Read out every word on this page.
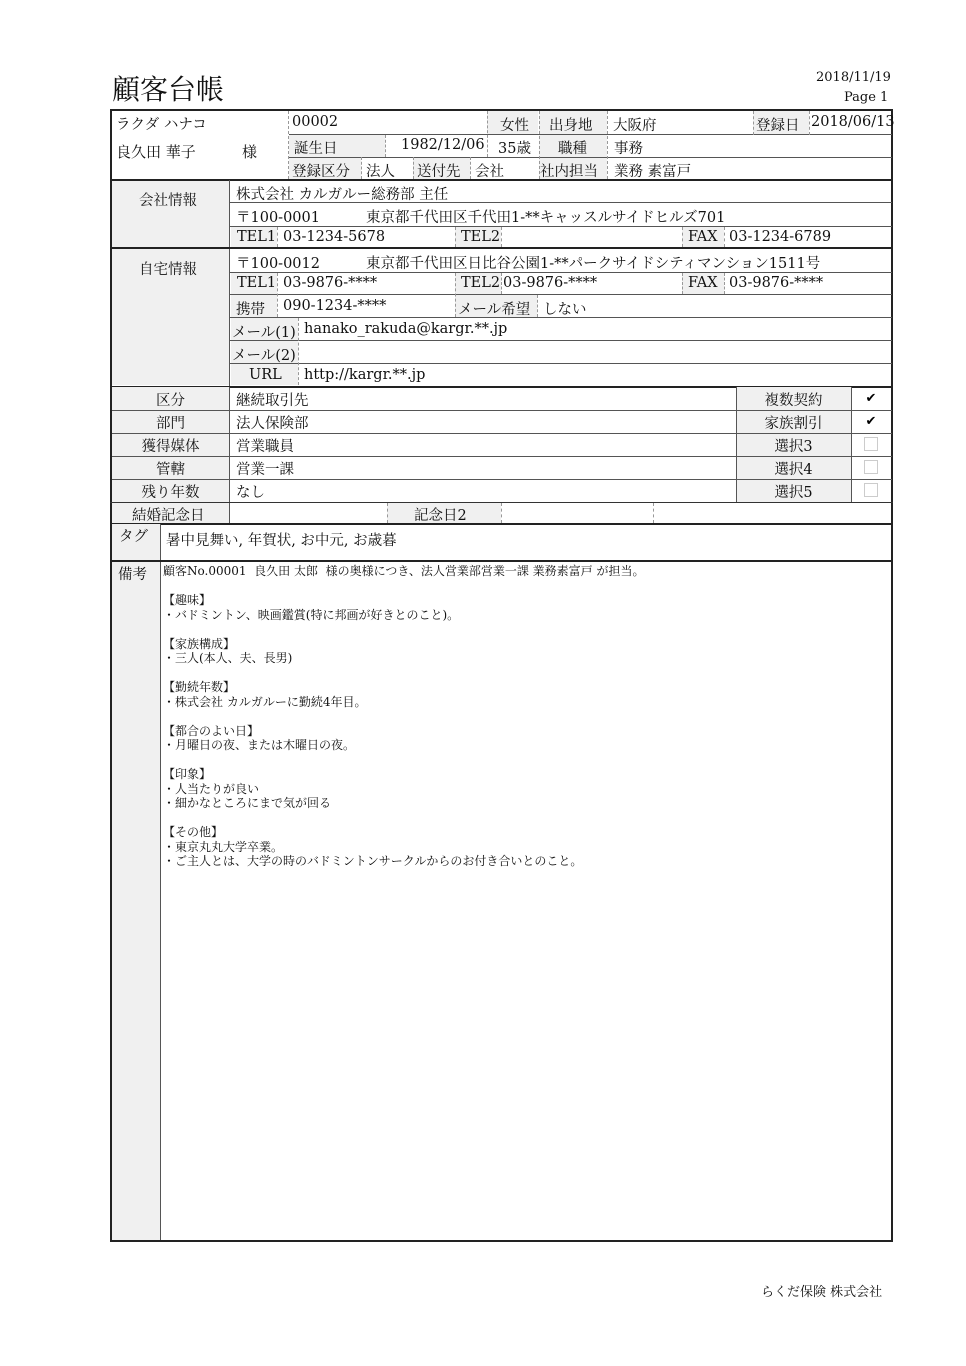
顧客台帳	2018/11/19
Page 1
ラクダ ハナコ
良久田 華子	様
00002	女性 出身地 大阪府	登録日 2018/06/13
誕生日	1982/12/06 35歳 職種 事務
登録区分 法人 送付先 会社 社内担当 業務 素富戸
会社情報	株式会社 カルガルー総務部 主任
〒100-0001	東京都千代田区千代田1-**キャッスルサイドヒルズ701
TEL1 03-1234-5678	TEL2	FAX 03-1234-6789
自宅情報	〒100-0012	東京都千代田区日比谷公園1-**パークサイドシティマンション1511号
TEL1 03-9876-****	TEL2 03-9876-****	FAX 03-9876-****
携帯 090-1234-****	メール希望 しない
メール(1) hanako_rakuda@kargr.**.jp
メール(2)
URL http://kargr.**.jp
区分	継続取引先	複数契約	✔
部門	法人保険部	家族割引	✔
獲得媒体	営業職員	選択3
管轄	営業一課	選択4
残り年数	なし	選択5
結婚記念日	記念日2
タグ 暑中見舞い, 年賀状, お中元, お歳暮
備考 顧客No.00001  良久田 太郎  様の奥様につき、法人営業部営業一課 業務素富戸 が担当。
【趣味】
・バドミントン、映画鑑賞(特に邦画が好きとのこと)。
【家族構成】
・三人(本人、夫、長男)
【勤続年数】
・株式会社 カルガルーに勤続4年目。
【都合のよい日】
・月曜日の夜、または木曜日の夜。
【印象】
・人当たりが良い
・細かなところにまで気が回る
【その他】
・東京丸丸大学卒業。
・ご主人とは、大学の時のバドミントンサークルからのお付き合いとのこと。
らくだ保険 株式会社
